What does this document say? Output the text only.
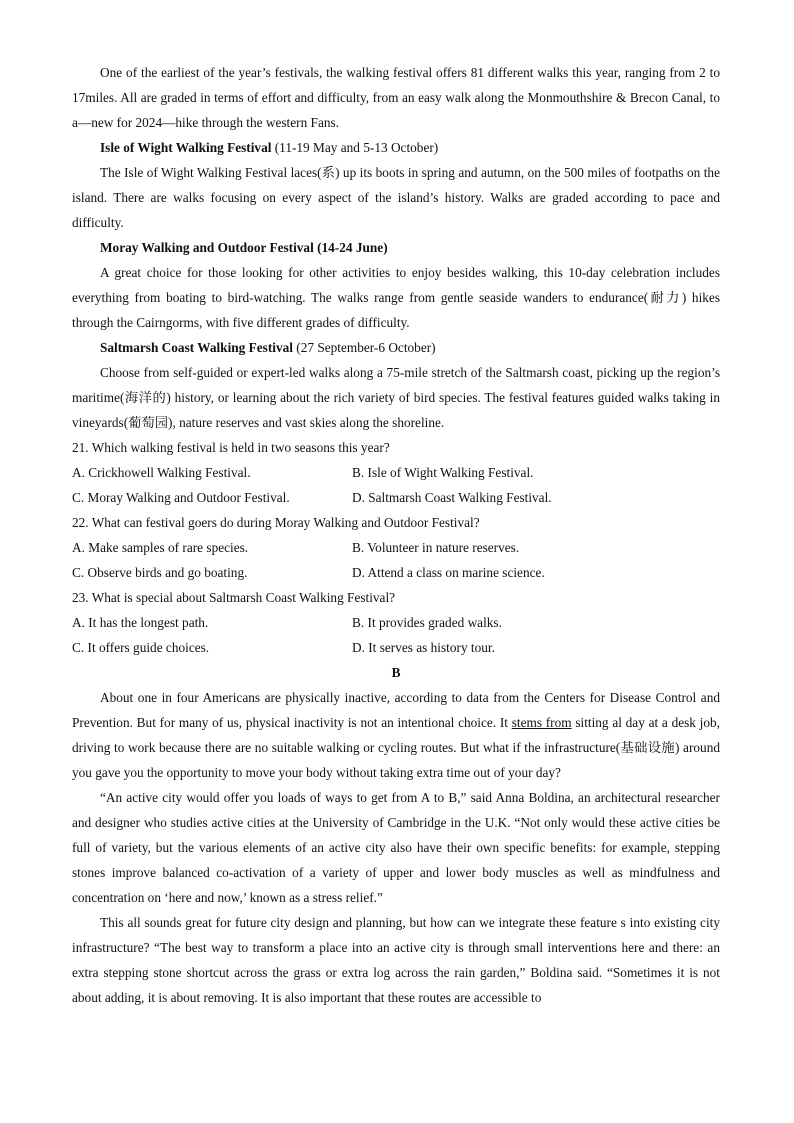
One of the earliest of the year’s festivals, the walking festival offers 81 different walks this year, ranging from 2 to 17miles. All are graded in terms of effort and difficulty, from an easy walk along the Monmouthshire & Brecon Canal, to a—new for 2024—hike through the western Fans.

Isle of Wight Walking Festival (11-19 May and 5-13 October)

The Isle of Wight Walking Festival laces(系) up its boots in spring and autumn, on the 500 miles of footpaths on the island. There are walks focusing on every aspect of the island’s history. Walks are graded according to pace and difficulty.

Moray Walking and Outdoor Festival (14-24 June)

A great choice for those looking for other activities to enjoy besides walking, this 10-day celebration includes everything from boating to bird-watching. The walks range from gentle seaside wanders to endurance(耐力) hikes through the Cairngorms, with five different grades of difficulty.

Saltmarsh Coast Walking Festival (27 September-6 October)

Choose from self-guided or expert-led walks along a 75-mile stretch of the Saltmarsh coast, picking up the region’s maritime(海洋的) history, or learning about the rich variety of bird species. The festival features guided walks taking in vineyards(葡萄园), nature reserves and vast skies along the shoreline.

21. Which walking festival is held in two seasons this year?

A. Crickhowell Walking Festival.	B. Isle of Wight Walking Festival.
C. Moray Walking and Outdoor Festival.	D. Saltmarsh Coast Walking Festival.

22. What can festival goers do during Moray Walking and Outdoor Festival?

A. Make samples of rare species.	B. Volunteer in nature reserves.
C. Observe birds and go boating.	D. Attend a class on marine science.

23. What is special about Saltmarsh Coast Walking Festival?

A. It has the longest path.	B. It provides graded walks.
C. It offers guide choices.	D. It serves as history tour.

B

About one in four Americans are physically inactive, according to data from the Centers for Disease Control and Prevention. But for many of us, physical inactivity is not an intentional choice. It stems from sitting al day at a desk job, driving to work because there are no suitable walking or cycling routes. But what if the infrastructure(基础设施) around you gave you the opportunity to move your body without taking extra time out of your day?

“An active city would offer you loads of ways to get from A to B,” said Anna Boldina, an architectural researcher and designer who studies active cities at the University of Cambridge in the U.K. “Not only would these active cities be full of variety, but the various elements of an active city also have their own specific benefits: for example, stepping stones improve balanced co-activation of a variety of upper and lower body muscles as well as mindfulness and concentration on ‘here and now,’ known as a stress relief.”

This all sounds great for future city design and planning, but how can we integrate these feature s into existing city infrastructure? “The best way to transform a place into an active city is through small interventions here and there: an extra stepping stone shortcut across the grass or extra log across the rain garden,” Boldina said. “Sometimes it is not about adding, it is about removing. It is also important that these routes are accessible to
